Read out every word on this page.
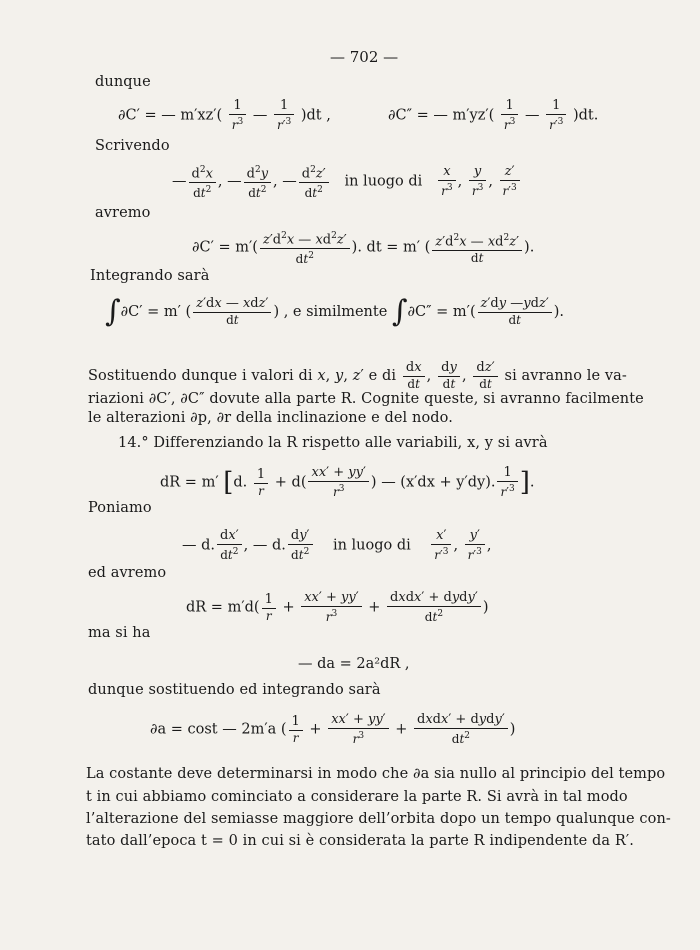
— 702 —
dunque
∂C′ = — $m'xz'( \frac{1}{r^3}$ — $\frac{1}{r'^3} )dt$ ,	∂C″ = — $m'yz'( \frac{1}{r^3}$ — $\frac{1}{r'^3} )dt$.
Scrivendo
— $\frac{d^2x}{dt^2}$ , — $\frac{d^2y}{dt^2}$ , — $\frac{d^2z'}{dt^2}$ in luogo di $\frac{x}{r^3}$ , $\frac{y}{r^3}$ , $\frac{z'}{r'^3}$
avremo
$\partial C' = m'( \frac{z'd^2x — xd^2z'}{dt^2}$ ). dt = m′ ( $\frac{z'd^2x — xd^2z'}{dt}$ ).
Integrando sarà
∫∂C′ = m′ ( $\frac{\text{z′dx — xdz′}}{dt}$ ) , e similmente $\int\partial C'' = m'( \frac{\text{z′dy —ydz′}}{dt}$ ).
Sostituendo dunque i valori di x, y, z′ e di $\frac{dx}{dt}$ , $\frac{dy}{dt}$ , $\frac{dz'}{dt}$ si avranno le va-
riazioni ∂C′, ∂C″ dovute alla parte R. Cognite queste, si avranno facilmente
le alterazioni ∂p, ∂r della inclinazione e del nodo.
14.° Differenziando la R rispetto alle variabili, x, y si avrà
dR = m′ [d. $\frac{1}{r} + d( \frac{xx' + yy'}{r^3}$ ) — (x′dx + y′dy). $\frac{1}{r'^3}$ ].
Poniamo
— d. $\frac{dx'}{dt^2}$ , — d. $\frac{dy'}{dt^2}$ in luogo di $\frac{x'}{r'^3}$ , $\frac{y'}{r'^3}$ ,
ed avremo
dR = $m'd( \frac{1}{r} + \frac{xx' + yy'}{r^3} + \frac{\text{dxdx′ + dydy′}}{dt^2}$ )
ma si ha
— da = 2a²dR ,
dunque sostituendo ed integrando sarà
∂a = cost — 2m′a ( $\frac{1}{r} + \frac{xx' + yy'}{r^3} + \frac{\text{dxdx′ + dydy′}}{dt^2}$ )
La costante deve determinarsi in modo che ∂a sia nullo al principio del tempo
t in cui abbiamo cominciato a considerare la parte R. Si avrà in tal modo
l’alterazione del semiasse maggiore dell’orbita dopo un tempo qualunque con-
tato dall’epoca t = 0 in cui si è considerata la parte R indipendente da R′.
